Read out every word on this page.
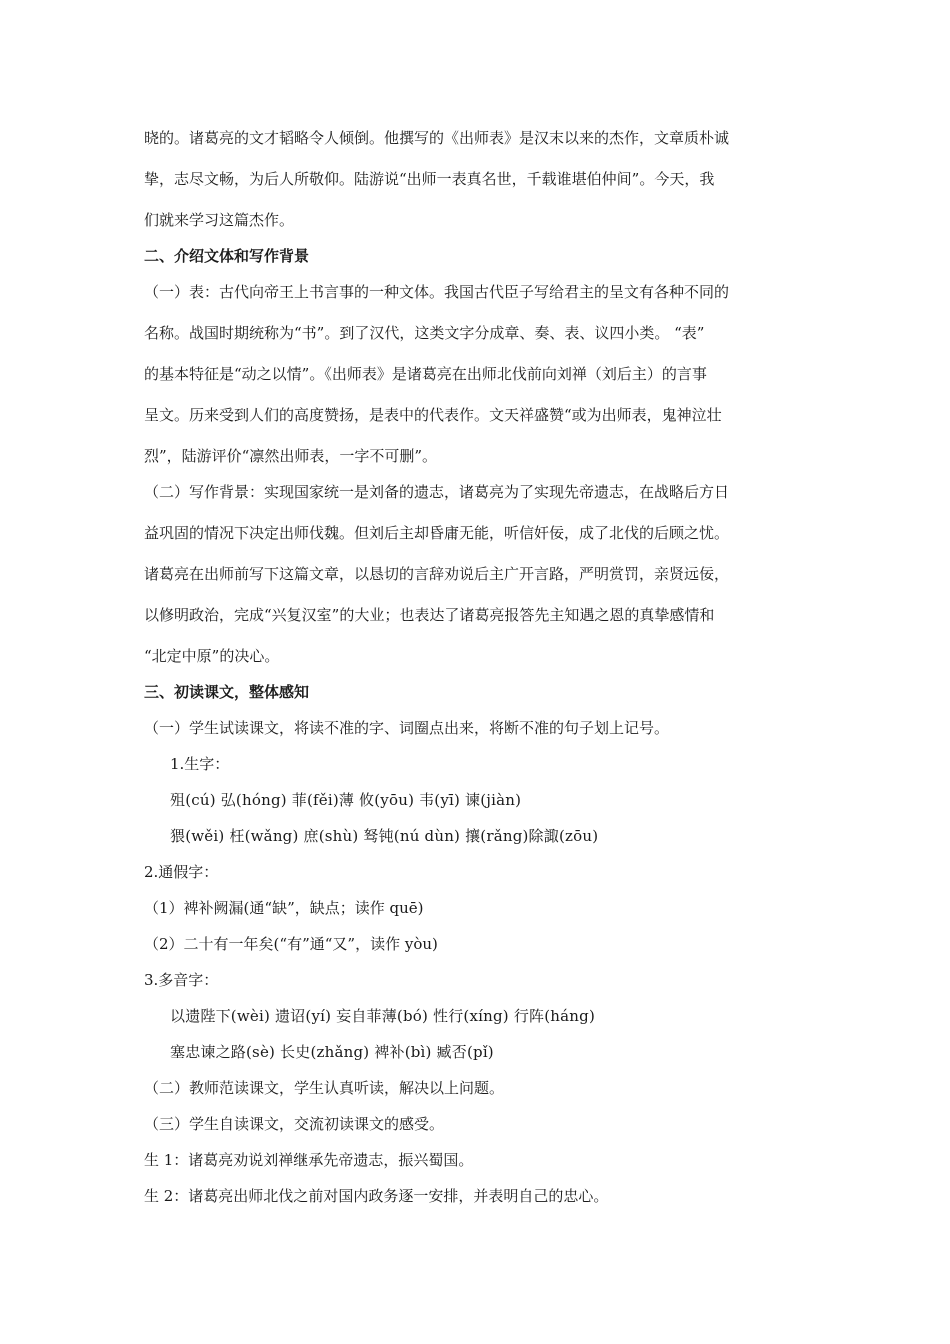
晓的。诸葛亮的文才韬略令人倾倒。他撰写的《出师表》是汉末以来的杰作，文章质朴诚
挚，志尽文畅，为后人所敬仰。陆游说“出师一表真名世，千载谁堪伯仲间”。今天，我
们就来学习这篇杰作。
二、介绍文体和写作背景
（一）表：古代向帝王上书言事的一种文体。我国古代臣子写给君主的呈文有各种不同的
名称。战国时期统称为“书”。到了汉代，这类文字分成章、奏、表、议四小类。 “表”
的基本特征是“动之以情”。《出师表》是诸葛亮在出师北伐前向刘禅（刘后主）的言事
呈文。历来受到人们的高度赞扬，是表中的代表作。文天祥盛赞“或为出师表，鬼神泣壮
烈”，陆游评价“凛然出师表，一字不可删”。
（二）写作背景：实现国家统一是刘备的遗志，诸葛亮为了实现先帝遗志，在战略后方日
益巩固的情况下决定出师伐魏。但刘后主却昏庸无能，听信奸佞，成了北伐的后顾之忧。
诸葛亮在出师前写下这篇文章，以恳切的言辞劝说后主广开言路，严明赏罚，亲贤远佞，
以修明政治，完成“兴复汉室”的大业；也表达了诸葛亮报答先主知遇之恩的真挚感情和
“北定中原”的决心。
三、初读课文，整体感知
（一）学生试读课文，将读不准的字、词圈点出来，将断不准的句子划上记号。
1.生字：
殂(cú) 弘(hóng) 菲(fěi)薄 攸(yōu) 韦(yī) 谏(jiàn)
猥(wěi) 枉(wǎng) 庶(shù) 驽钝(nú dùn) 攘(rǎng)除諏(zōu)
2.通假字：
（1）裨补阙漏(通“缺”，缺点；读作 quē)
（2）二十有一年矣(“有”通“又”，读作 yòu)
3.多音字：
以遗陛下(wèi) 遗诏(yí) 妄自菲薄(bó) 性行(xíng) 行阵(háng)
塞忠谏之路(sè) 长史(zhǎng) 裨补(bì) 臧否(pǐ)
（二）教师范读课文，学生认真听读，解决以上问题。
（三）学生自读课文，交流初读课文的感受。
生 1：诸葛亮劝说刘禅继承先帝遗志，振兴蜀国。
生 2：诸葛亮出师北伐之前对国内政务逐一安排，并表明自己的忠心。
